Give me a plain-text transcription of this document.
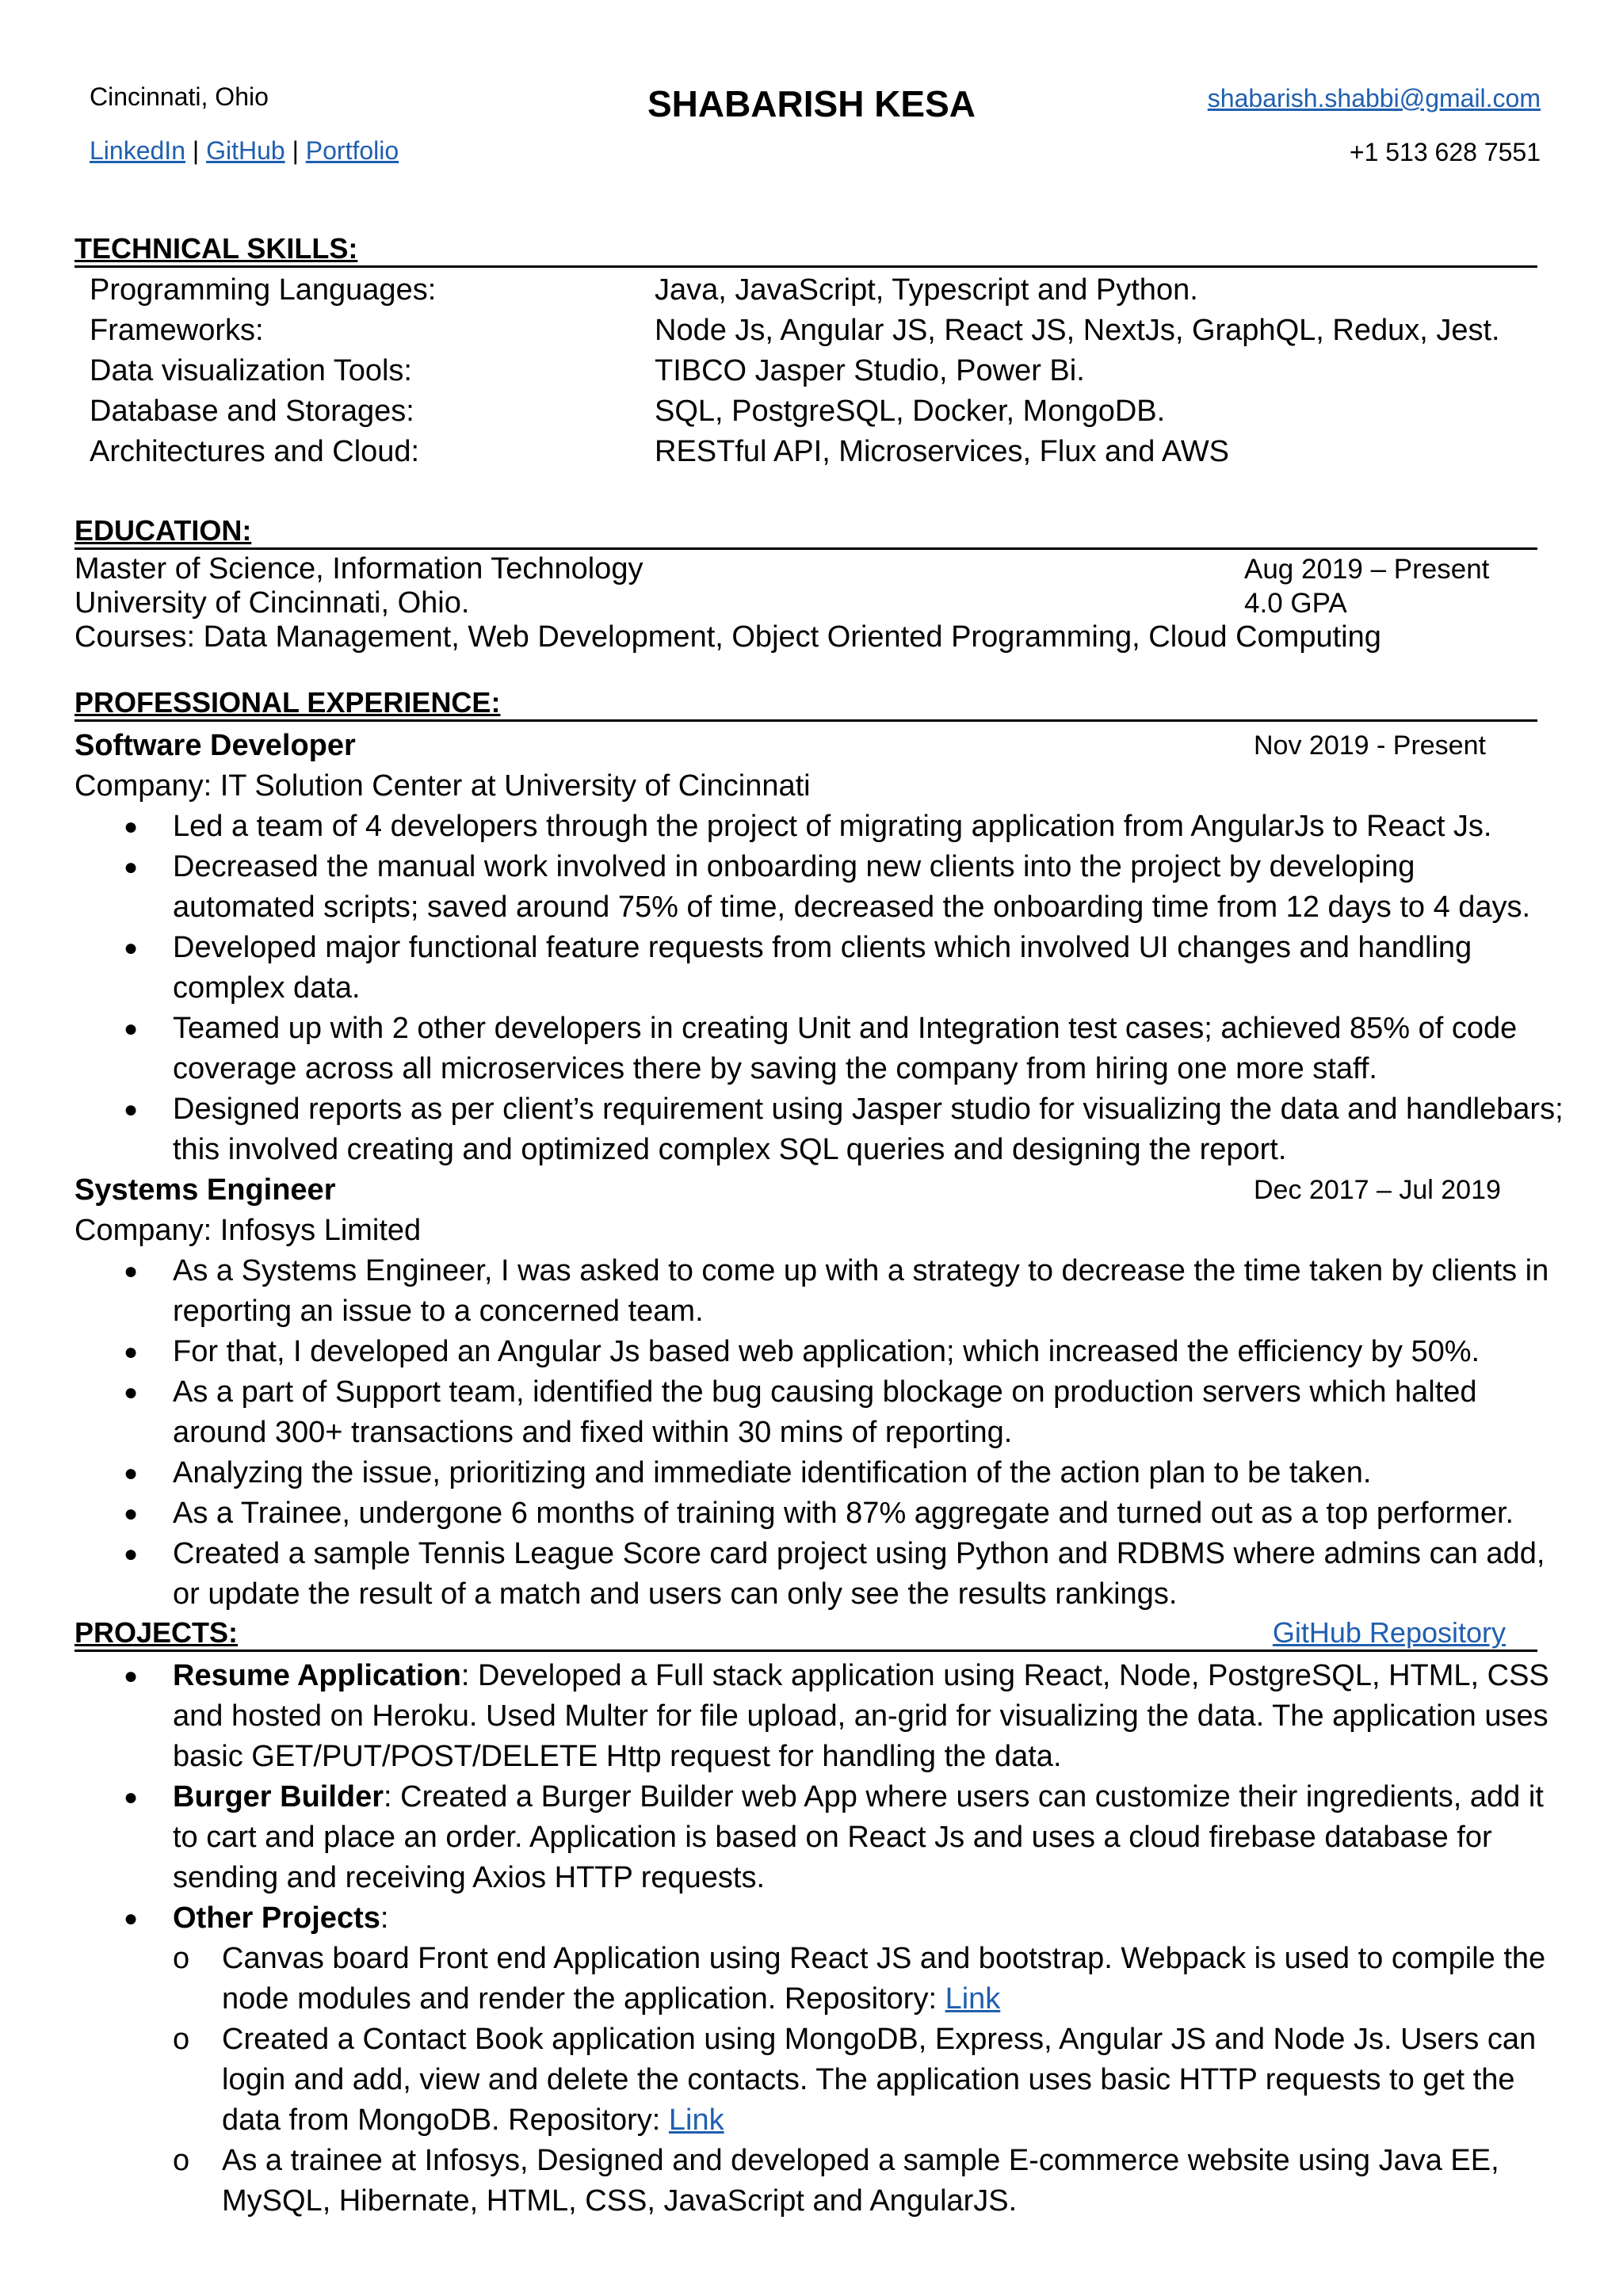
Cincinnati, Ohio	SHABARISH KESA	shabarish.shabbi@gmail.com
+1 513 628 7551
LinkedIn | GitHub | Portfolio
TECHNICAL SKILLS:
Programming Languages:	Java, JavaScript, Typescript and Python.
Frameworks:	Node Js, Angular JS, React JS, NextJs, GraphQL, Redux, Jest.
Data visualization Tools:	TIBCO Jasper Studio, Power Bi.
Database and Storages:	SQL, PostgreSQL, Docker, MongoDB.
Architectures and Cloud:	RESTful API, Microservices, Flux and AWS
EDUCATION:
Master of Science, Information Technology	Aug 2019 – Present
University of Cincinnati, Ohio.	4.0 GPA
Courses: Data Management, Web Development, Object Oriented Programming, Cloud Computing
PROFESSIONAL EXPERIENCE:
Software Developer	Nov 2019 - Present
Company: IT Solution Center at University of Cincinnati
● Led a team of 4 developers through the project of migrating application from AngularJs to React Js.
● Decreased the manual work involved in onboarding new clients into the project by developing automated scripts; saved around 75% of time, decreased the onboarding time from 12 days to 4 days.
● Developed major functional feature requests from clients which involved UI changes and handling complex data.
● Teamed up with 2 other developers in creating Unit and Integration test cases; achieved 85% of code coverage across all microservices there by saving the company from hiring one more staff.
● Designed reports as per client’s requirement using Jasper studio for visualizing the data and handlebars; this involved creating and optimized complex SQL queries and designing the report.
Systems Engineer	Dec 2017 – Jul 2019
Company: Infosys Limited
● As a Systems Engineer, I was asked to come up with a strategy to decrease the time taken by clients in reporting an issue to a concerned team.
● For that, I developed an Angular Js based web application; which increased the efficiency by 50%.
● As a part of Support team, identified the bug causing blockage on production servers which halted around 300+ transactions and fixed within 30 mins of reporting.
● Analyzing the issue, prioritizing and immediate identification of the action plan to be taken.
● As a Trainee, undergone 6 months of training with 87% aggregate and turned out as a top performer.
● Created a sample Tennis League Score card project using Python and RDBMS where admins can add, or update the result of a match and users can only see the results rankings.
PROJECTS:	GitHub Repository
● Resume Application: Developed a Full stack application using React, Node, PostgreSQL, HTML, CSS and hosted on Heroku. Used Multer for file upload, an-grid for visualizing the data. The application uses basic GET/PUT/POST/DELETE Http request for handling the data.
● Burger Builder: Created a Burger Builder web App where users can customize their ingredients, add it to cart and place an order. Application is based on React Js and uses a cloud firebase database for sending and receiving Axios HTTP requests.
● Other Projects:
o Canvas board Front end Application using React JS and bootstrap. Webpack is used to compile the node modules and render the application. Repository: Link
o Created a Contact Book application using MongoDB, Express, Angular JS and Node Js. Users can login and add, view and delete the contacts. The application uses basic HTTP requests to get the data from MongoDB. Repository: Link
o As a trainee at Infosys, Designed and developed a sample E-commerce website using Java EE, MySQL, Hibernate, HTML, CSS, JavaScript and AngularJS.
